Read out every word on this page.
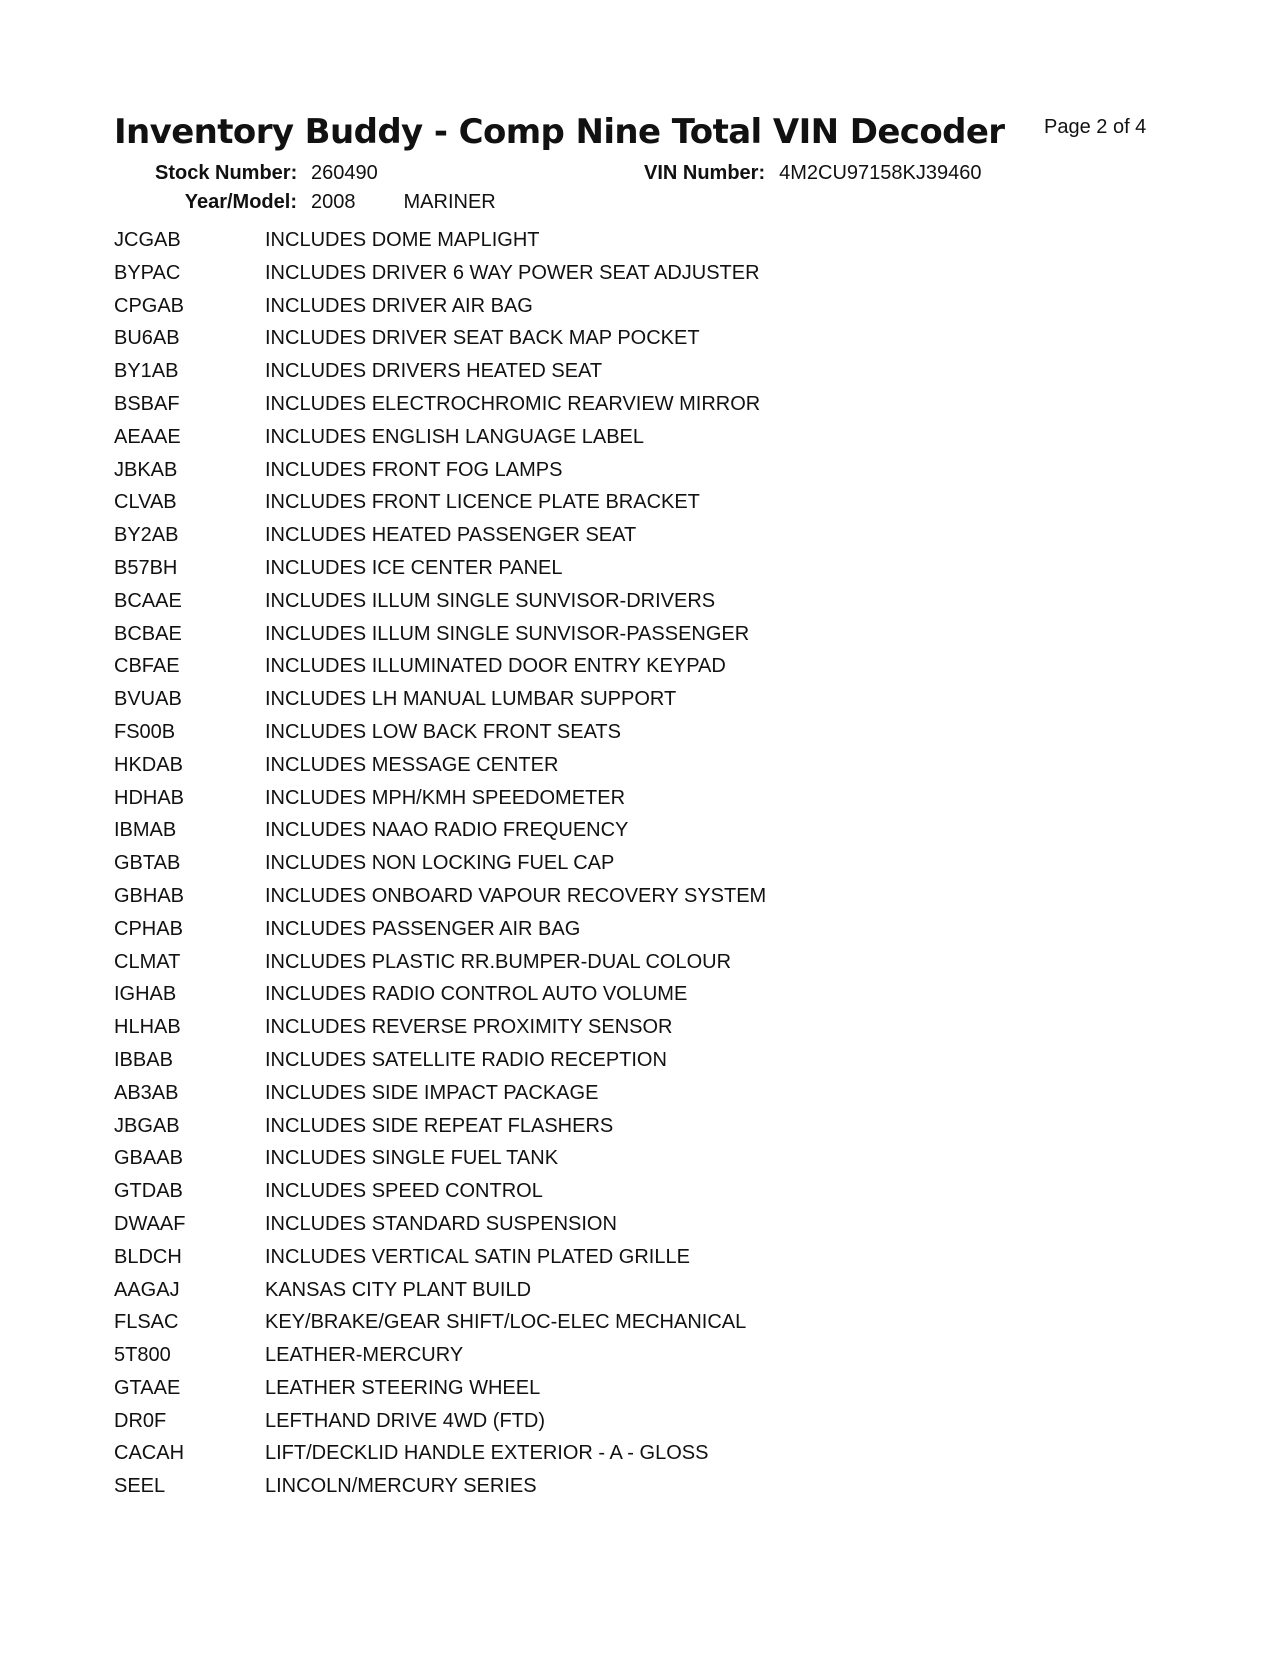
Inventory Buddy - Comp Nine Total VIN Decoder Page 2 of 4
Stock Number: 260490	VIN Number: 4M2CU97158KJ39460
Year/Model: 2008 MARINER
JCGAB	INCLUDES DOME MAPLIGHT
BYPAC	INCLUDES DRIVER 6 WAY POWER SEAT ADJUSTER
CPGAB	INCLUDES DRIVER AIR BAG
BU6AB	INCLUDES DRIVER SEAT BACK MAP POCKET
BY1AB	INCLUDES DRIVERS HEATED SEAT
BSBAF	INCLUDES ELECTROCHROMIC REARVIEW MIRROR
AEAAE	INCLUDES ENGLISH LANGUAGE LABEL
JBKAB	INCLUDES FRONT FOG LAMPS
CLVAB	INCLUDES FRONT LICENCE PLATE BRACKET
BY2AB	INCLUDES HEATED PASSENGER SEAT
B57BH	INCLUDES ICE CENTER PANEL
BCAAE	INCLUDES ILLUM SINGLE SUNVISOR-DRIVERS
BCBAE	INCLUDES ILLUM SINGLE SUNVISOR-PASSENGER
CBFAE	INCLUDES ILLUMINATED DOOR ENTRY KEYPAD
BVUAB	INCLUDES LH MANUAL LUMBAR SUPPORT
FS00B	INCLUDES LOW BACK FRONT SEATS
HKDAB	INCLUDES MESSAGE CENTER
HDHAB	INCLUDES MPH/KMH SPEEDOMETER
IBMAB	INCLUDES NAAO RADIO FREQUENCY
GBTAB	INCLUDES NON LOCKING FUEL CAP
GBHAB	INCLUDES ONBOARD VAPOUR RECOVERY SYSTEM
CPHAB	INCLUDES PASSENGER AIR BAG
CLMAT	INCLUDES PLASTIC RR.BUMPER-DUAL COLOUR
IGHAB	INCLUDES RADIO CONTROL AUTO VOLUME
HLHAB	INCLUDES REVERSE PROXIMITY SENSOR
IBBAB	INCLUDES SATELLITE RADIO RECEPTION
AB3AB	INCLUDES SIDE IMPACT PACKAGE
JBGAB	INCLUDES SIDE REPEAT FLASHERS
GBAAB	INCLUDES SINGLE FUEL TANK
GTDAB	INCLUDES SPEED CONTROL
DWAAF	INCLUDES STANDARD SUSPENSION
BLDCH	INCLUDES VERTICAL SATIN PLATED GRILLE
AAGAJ	KANSAS CITY PLANT BUILD
FLSAC	KEY/BRAKE/GEAR SHIFT/LOC-ELEC MECHANICAL
5T800	LEATHER-MERCURY
GTAAE	LEATHER STEERING WHEEL
DR0F	LEFTHAND DRIVE 4WD (FTD)
CACAH	LIFT/DECKLID HANDLE EXTERIOR - A - GLOSS
SEEL	LINCOLN/MERCURY SERIES
